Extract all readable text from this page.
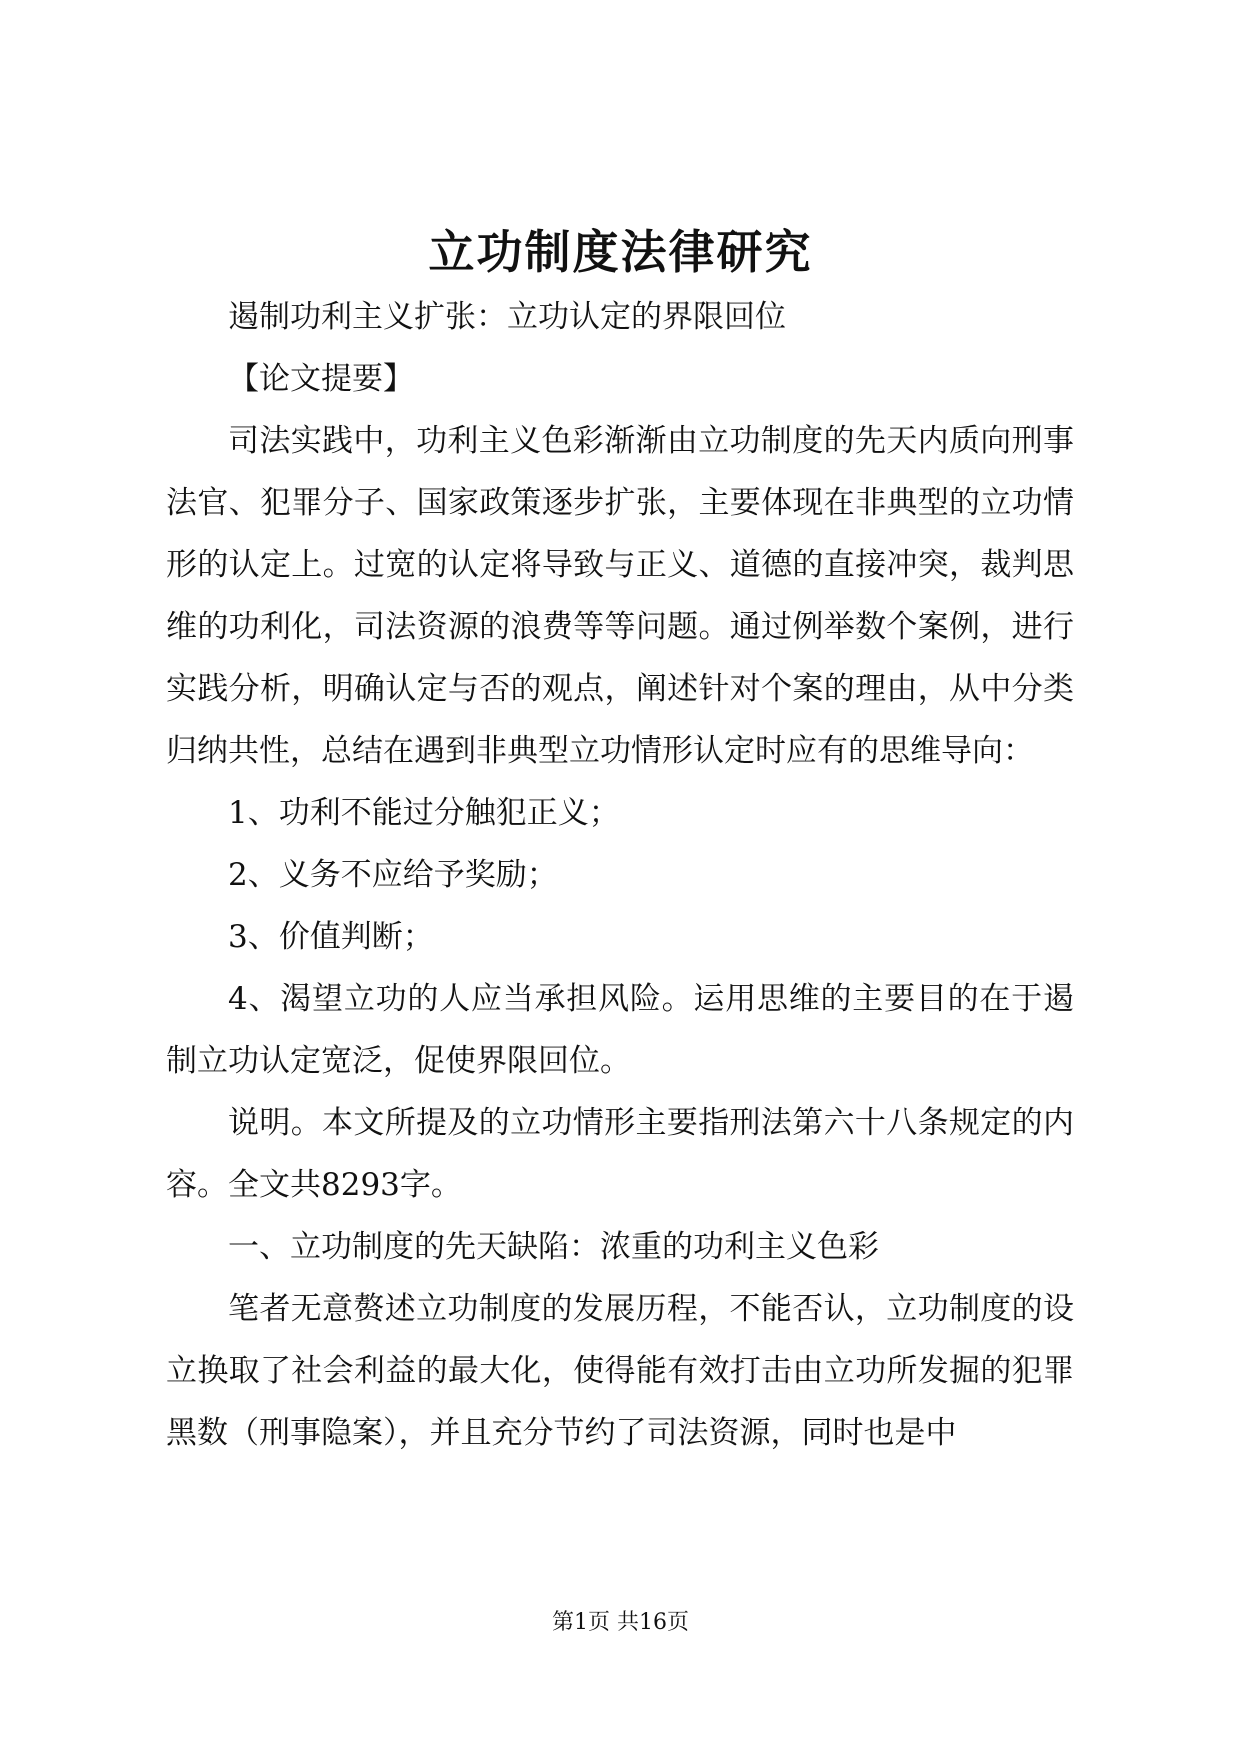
立功制度法律研究

遏制功利主义扩张：立功认定的界限回位

【论文提要】

司法实践中，功利主义色彩渐渐由立功制度的先天内质向刑事法官、犯罪分子、国家政策逐步扩张，主要体现在非典型的立功情形的认定上。过宽的认定将导致与正义、道德的直接冲突，裁判思维的功利化，司法资源的浪费等等问题。通过例举数个案例，进行实践分析，明确认定与否的观点，阐述针对个案的理由，从中分类归纳共性，总结在遇到非典型立功情形认定时应有的思维导向：

1、功利不能过分触犯正义；

2、义务不应给予奖励；

3、价值判断；

4、渴望立功的人应当承担风险。运用思维的主要目的在于遏制立功认定宽泛，促使界限回位。

说明。本文所提及的立功情形主要指刑法第六十八条规定的内容。全文共8293字。

一、立功制度的先天缺陷：浓重的功利主义色彩

笔者无意赘述立功制度的发展历程，不能否认，立功制度的设立换取了社会利益的最大化，使得能有效打击由立功所发掘的犯罪黑数（刑事隐案），并且充分节约了司法资源，同时也是中

第1页 共16页
